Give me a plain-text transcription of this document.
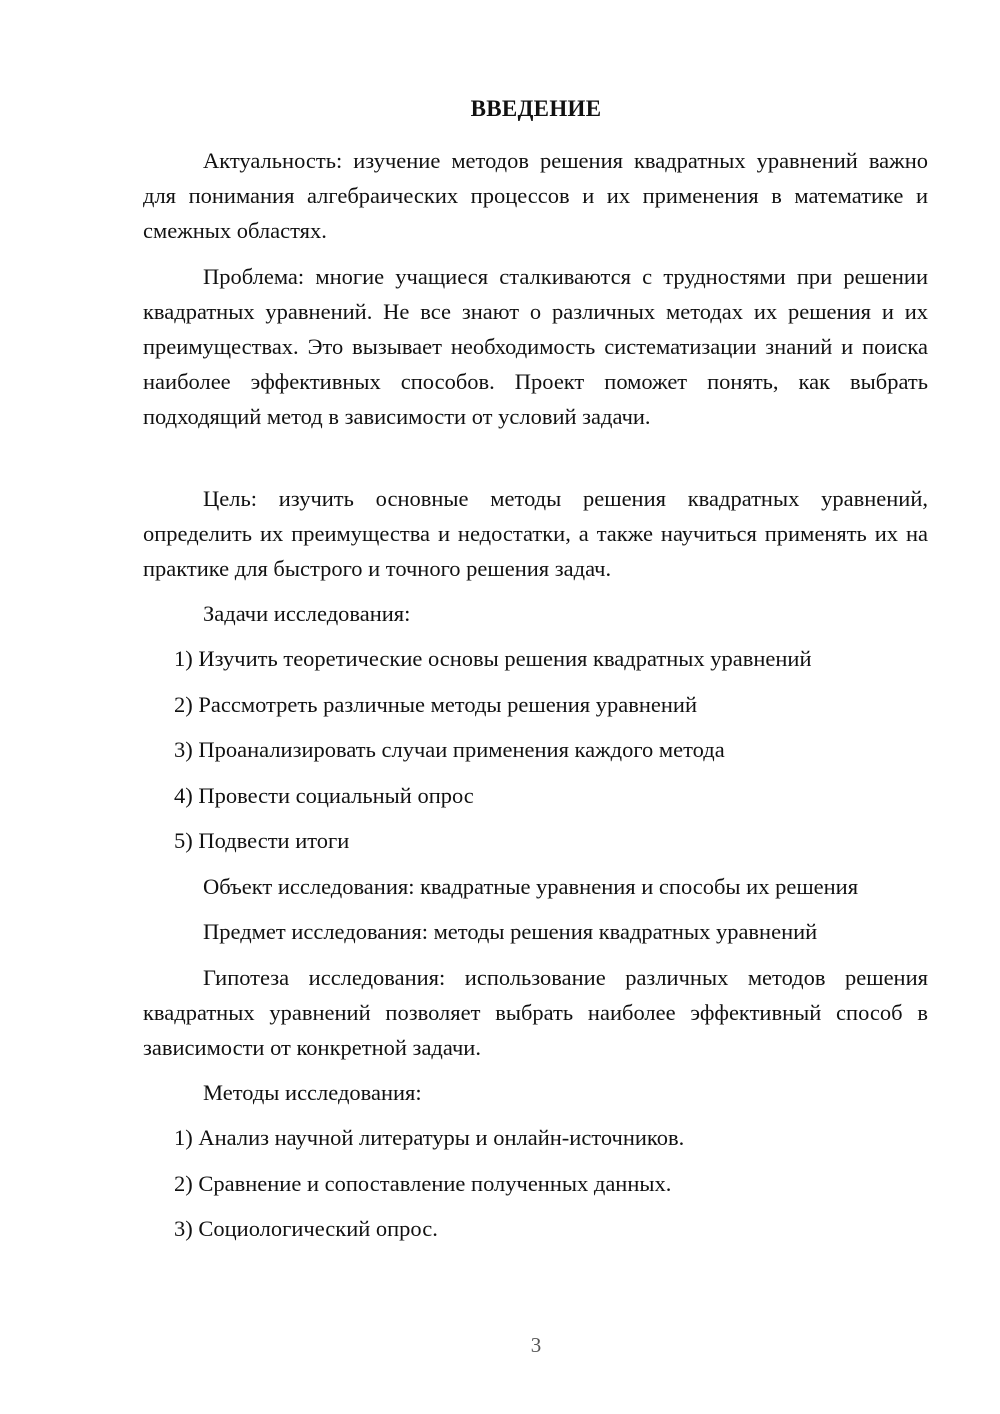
ВВЕДЕНИЕ

Актуальность: изучение методов решения квадратных уравнений важно для понимания алгебраических процессов и их применения в математике и смежных областях.

Проблема: многие учащиеся сталкиваются с трудностями при решении квадратных уравнений. Не все знают о различных методах их решения и их преимуществах. Это вызывает необходимость систематизации знаний и поиска наиболее эффективных способов. Проект поможет понять, как выбрать подходящий метод в зависимости от условий задачи.

Цель: изучить основные методы решения квадратных уравнений, определить их преимущества и недостатки, а также научиться применять их на практике для быстрого и точного решения задач.

Задачи исследования:
1) Изучить теоретические основы решения квадратных уравнений
2) Рассмотреть различные методы решения уравнений
3) Проанализировать случаи применения каждого метода
4) Провести социальный опрос
5) Подвести итоги
Объект исследования: квадратные уравнения и способы их решения
Предмет исследования: методы решения квадратных уравнений

Гипотеза исследования: использование различных методов решения квадратных уравнений позволяет выбрать наиболее эффективный способ в зависимости от конкретной задачи.

Методы исследования:
1) Анализ научной литературы и онлайн-источников.
2) Сравнение и сопоставление полученных данных.
3) Социологический опрос.
3
